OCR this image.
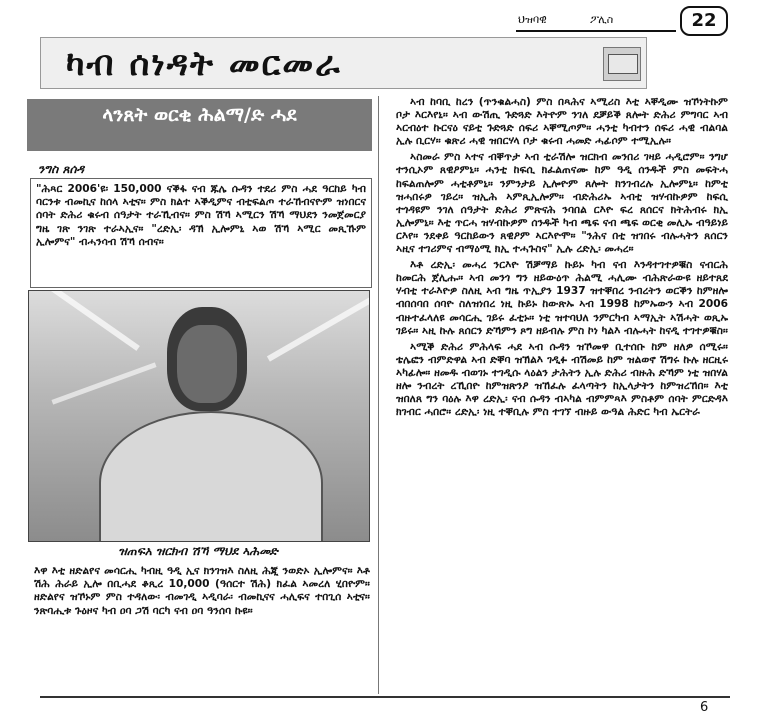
ህዝባዊ	ፖሊስ	22
ካብ ሰነዳት መርመራ
ላንጸት ወርቂ ሕልማ/ድ ሓደ
ንግስ ጸሰዳ
"ሕጻር 2006'ዩ፡ 150,000 ናቕፋ ናብ ጁሌ ሱዳን ተደሪ ምስ ሓደ ዓርከይ ካብ ባርንቱ ብመኪና ከሰላ ኣቲና። ምስ ክልተ ኣቕዲምና ብቲፍልጦ ተራኸብናዮም ዝነበርና ሰባት ድሕሪ ቁሩብ ሰዓታት ተራኺብና። ምስ ሽኻ ኣሚርን ሽኻ ማህደን ንመጀመርያ ግዜ ገጽ ንገጽ ተራኣኢና። "ረድኢ፡ ዳኽ ኢሎምኒ ኣወ ሽኻ ኣሚር መጺኹም ኢሎምና" ብሓንሳብ ሽኻ ሰብና።
ዝጠፍአ ዝርክብ ሽኻ ማህደ ኣሕመድ
እዋ እቲ ዘድልየና መሳርሒ ካብዚ ዓዲ ኢና ክንገዝእ ስለዚ ሕጂ ንወድኦ ኢሎምና። እቶ ሽሕ ሕራይ ኢሎ በቢሓደ ቆጺረ 10,000 (ዓሰርተ ሽሕ) ክፈል ኣመረለ ሂበዮም። ዘድልየና ዝኾኑም ምስ ተዳለው፡ ብመገዲ ኣዲባራ፡ ብመኪናና ሓሊፍና ተበጊሰ ኣቲና። ንጽባሒቱ ጉዕዞና ካብ ዐባ ጋሽ ባርካ ናብ ዐባ ዓንሰባ ኩዩ።

ኣብ ከባቢ ከረን (ጥንቁልሓስ) ምስ በጻሕና ኣሚሪስ እቲ ኣቐዲሙ ዝኾነትኩም ቦታ እርእየኒ። ኣብ ውሽጢ ጉድጓድ እትዮም ንገለ ደቓይቕ ጸሎት ድሕሪ ምግባር ኣብ ኣርብዕተ ኩርናዕ ናይቲ ጉድጓድ ሰፍሪ ኣቐሚጦም። ሓንቲ ካብተን ሰፍሪ ሓዊ ብልባል ኢሉ ቢርሃ። ቁጽሪ ሓዊ ዝበርሃላ ቦታ ቁሩብ ሓመድ ሓፊሶም ተሚኢሉ።

ኣስመራ ምስ ኣተና ብቐጥታ ኣብ ቲራሽሎ ዝርክብ መንበሪ ገዛይ ሓዲሮም። ንግሆ ተንሲኦም ጸዊዖምኒ። ሓንቲ ከፍሲ ክፈልጠናሙ ከም ዓዲ ሰንዱች ምስ መፍትሓ ከፍልጠሎም ሓቲቶምኒ። ንምንታይ ኢሎዮም ጸሎት ክንገብረሉ ኢሎምኒ። ከምቲ ዝሓበሩዎ ገይረ። ዝኢሕ ኣምጺኢሎም። ብድሕሪኡ ኣብቲ ዝሃብኩዎም ከፍሲ ተጎዳዩም ንገለ ሰዓታት ድሕሪ ምጽናሕ ንባበል ርእዮ ፍረ ጸሰርና ክትሕብሩ ክኢ ኢሎምኒ። እቲ ጥርሓ ዝሃብኩዎም ሰንዱች ካብ ጫፍ ናብ ጫፍ ወርቂ መሊኡ ብዓይነይ ርእየ። ንደቀይ ዓርከይውን ጸዊዖም ኣርእዮሞ። "ንሕና በቲ ዝገበሩ ብሉሓትን ጸሰርን ኣዚና ተገሪምና ብማዕሚ ክኢ ተሓጉስና" ኢሉ ረድኢ፡ መሓረ።

እቶ ረድኢ፡ መሓረ ንርእዮ ሽቓማይ ኩይኑ ካብ ናብ እንዳተገተዎቑስ ናብርሕ ከመርሕ ጀሊሑ። ኣብ መንጎ ግን ዘይውዕጥ ሕልሚ ሓሊሙ ብሕጽራውዩ ዘይተጸደ ሃብቲ ተራእዮዎ ስለዚ ኣብ ግዜ ጥኢያን 1937 ዝተቐበረ ንብረትን ወርቕን ከምዘሎ ብበሰባበ ሰባዮ ስለዝነበረ ነዚ ኩይኑ ከውጽኡ ኣብ 1998 ከምኡውን ኣብ 2006 ብዙተፈላለዩ መሳርሒ ገይሩ ፈቲኑ። ነቲ ዝተባህለ ንምርካብ ኣማኢት ኣሽሓት ወጺኡ ገይሩ። ኣዚ ኩሉ ጸሰርን ድኻምን ጾግ ዘይብሉ ምስ ኮነ ካልእ ብሉሓት ከናዲ ተገተዎቑስ።

ኣሚቕ ድሕሪ ምሕላፍ ሓደ ኣብ ሱዳን ዝኾመዋ ቢተሰቡ ከም ዘለዎ ሰሚሩ። ቴሌፎን ብምድዋል ኣብ ድቐባ ዝኽልእ ገዲፉ ብሽመይ ከም ዝልወኖ ሽግሩ ኩሉ ዘርዚሩ ኣካፊሎ። ዘመዱ ብወገኑ ተገዲሱ ላዕልን ታሕትን ኢሉ ድሕሪ ብዙሕ ድኻም ነቲ ዝበሃል ዘሎ ንብረት ረኺበዮ ከምዝጽንዖ ዝኸፈሉ ፈላጣትን ከኢላታትን ከምዝረኸበ። እቲ ዝበለጸ ግን ባዕሉ እዋ ረድኢ፡ ናብ ሱዳን ብኣካል ብምምጻእ ምስቶም ሰባት ምርድዳእ ክገብር ሓበሮ። ረድኢ፡ ነዚ ተቐቢሉ ምስ ተገኘ ብዙይ ውዓል ሕድር ካብ ኤርትራ

6
